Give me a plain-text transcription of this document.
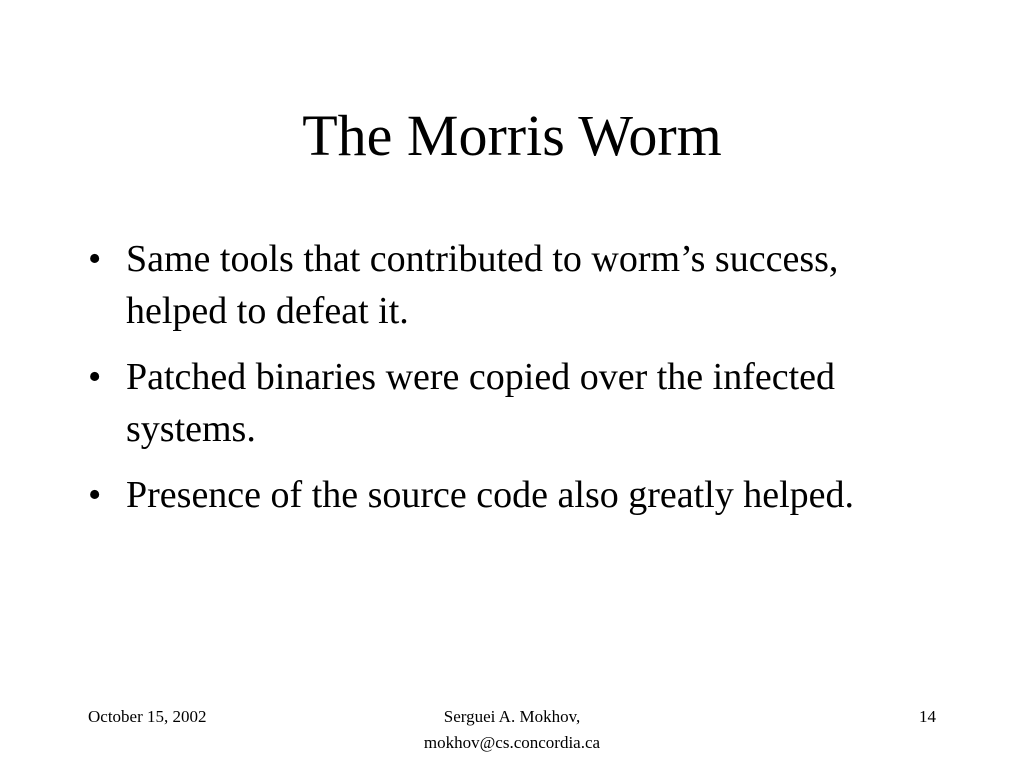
The Morris Worm
• Same tools that contributed to worm’s success, helped to defeat it.
• Patched binaries were copied over the infected systems.
• Presence of the source code also greatly helped.
October 15, 2002	Serguei A. Mokhov,
mokhov@cs.concordia.ca
14
